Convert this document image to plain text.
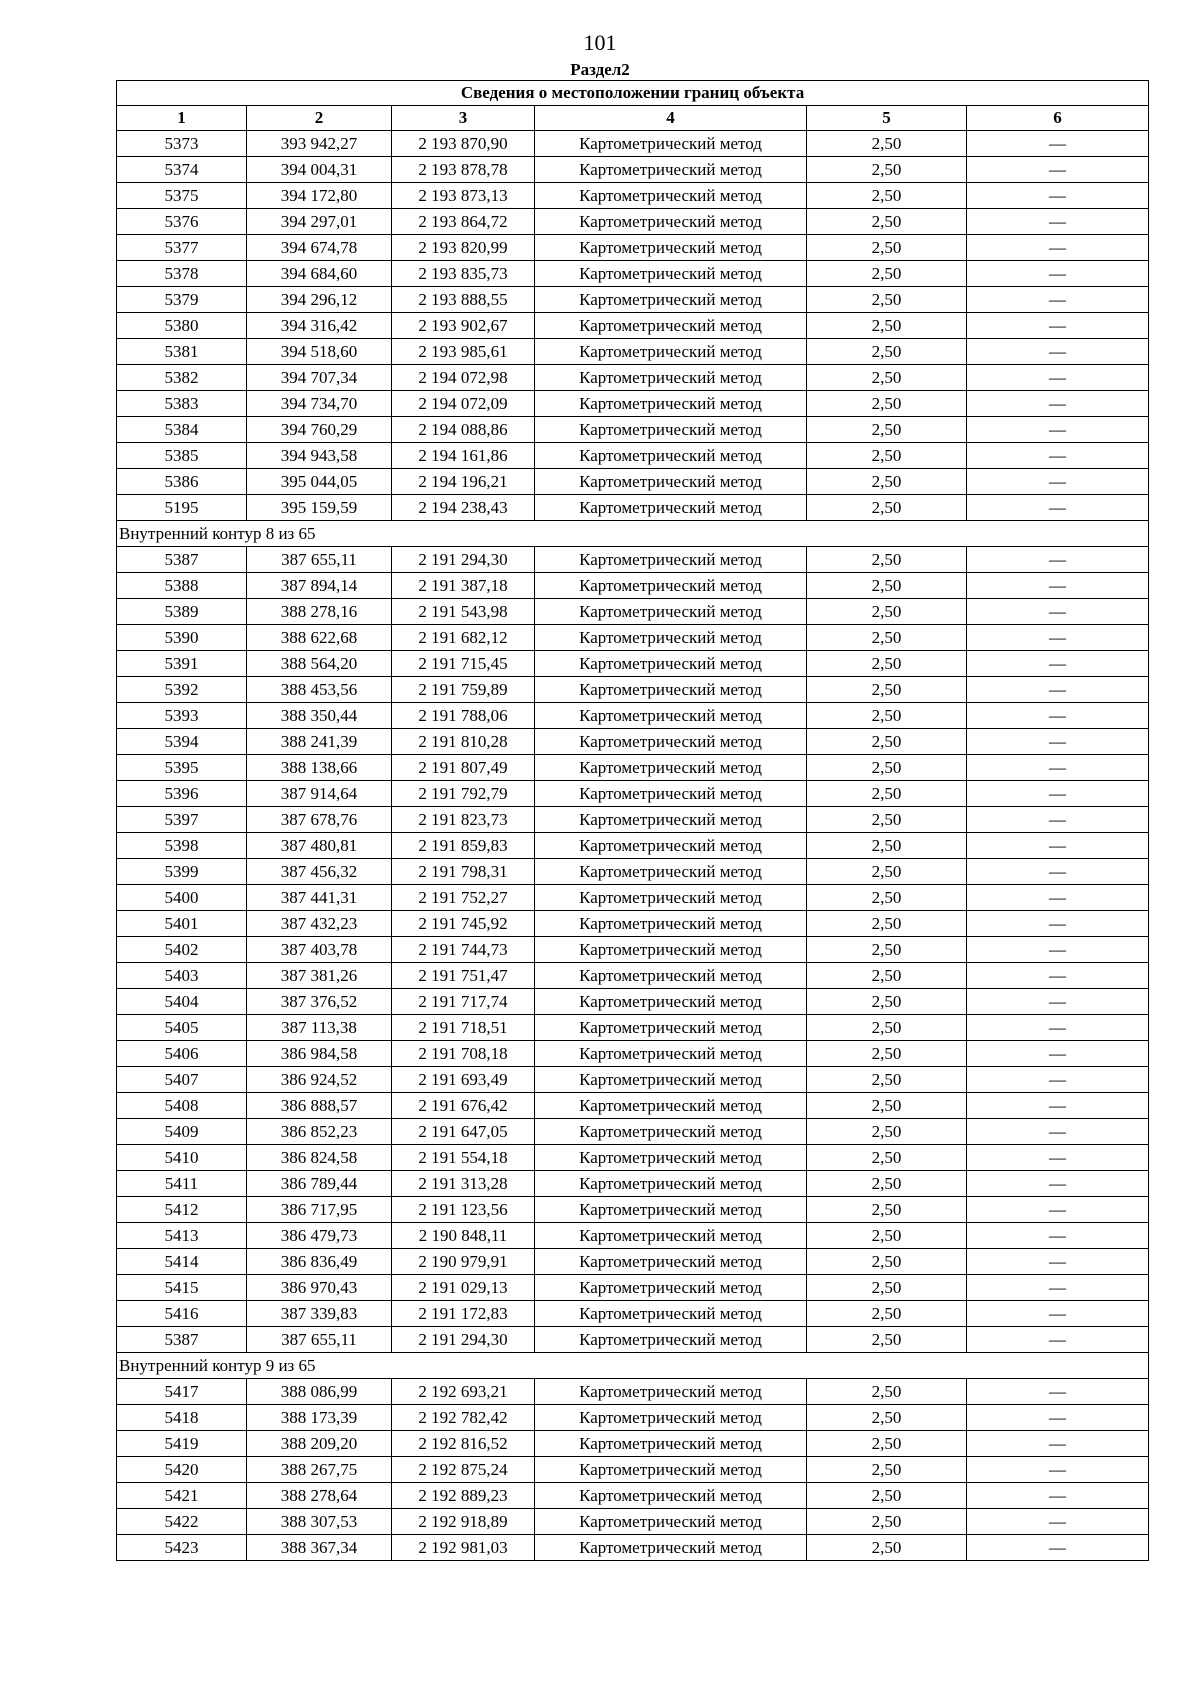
101
Раздел2
Сведения о местоположении границ объекта					
1	2	3	4	5	6
5373	393 942,27	2 193 870,90	Картометрический метод	2,50	—
5374	394 004,31	2 193 878,78	Картометрический метод	2,50	—
5375	394 172,80	2 193 873,13	Картометрический метод	2,50	—
5376	394 297,01	2 193 864,72	Картометрический метод	2,50	—
5377	394 674,78	2 193 820,99	Картометрический метод	2,50	—
5378	394 684,60	2 193 835,73	Картометрический метод	2,50	—
5379	394 296,12	2 193 888,55	Картометрический метод	2,50	—
5380	394 316,42	2 193 902,67	Картометрический метод	2,50	—
5381	394 518,60	2 193 985,61	Картометрический метод	2,50	—
5382	394 707,34	2 194 072,98	Картометрический метод	2,50	—
5383	394 734,70	2 194 072,09	Картометрический метод	2,50	—
5384	394 760,29	2 194 088,86	Картометрический метод	2,50	—
5385	394 943,58	2 194 161,86	Картометрический метод	2,50	—
5386	395 044,05	2 194 196,21	Картометрический метод	2,50	—
5195	395 159,59	2 194 238,43	Картометрический метод	2,50	—
Внутренний контур 8 из 65					
5387	387 655,11	2 191 294,30	Картометрический метод	2,50	—
5388	387 894,14	2 191 387,18	Картометрический метод	2,50	—
5389	388 278,16	2 191 543,98	Картометрический метод	2,50	—
5390	388 622,68	2 191 682,12	Картометрический метод	2,50	—
5391	388 564,20	2 191 715,45	Картометрический метод	2,50	—
5392	388 453,56	2 191 759,89	Картометрический метод	2,50	—
5393	388 350,44	2 191 788,06	Картометрический метод	2,50	—
5394	388 241,39	2 191 810,28	Картометрический метод	2,50	—
5395	388 138,66	2 191 807,49	Картометрический метод	2,50	—
5396	387 914,64	2 191 792,79	Картометрический метод	2,50	—
5397	387 678,76	2 191 823,73	Картометрический метод	2,50	—
5398	387 480,81	2 191 859,83	Картометрический метод	2,50	—
5399	387 456,32	2 191 798,31	Картометрический метод	2,50	—
5400	387 441,31	2 191 752,27	Картометрический метод	2,50	—
5401	387 432,23	2 191 745,92	Картометрический метод	2,50	—
5402	387 403,78	2 191 744,73	Картометрический метод	2,50	—
5403	387 381,26	2 191 751,47	Картометрический метод	2,50	—
5404	387 376,52	2 191 717,74	Картометрический метод	2,50	—
5405	387 113,38	2 191 718,51	Картометрический метод	2,50	—
5406	386 984,58	2 191 708,18	Картометрический метод	2,50	—
5407	386 924,52	2 191 693,49	Картометрический метод	2,50	—
5408	386 888,57	2 191 676,42	Картометрический метод	2,50	—
5409	386 852,23	2 191 647,05	Картометрический метод	2,50	—
5410	386 824,58	2 191 554,18	Картометрический метод	2,50	—
5411	386 789,44	2 191 313,28	Картометрический метод	2,50	—
5412	386 717,95	2 191 123,56	Картометрический метод	2,50	—
5413	386 479,73	2 190 848,11	Картометрический метод	2,50	—
5414	386 836,49	2 190 979,91	Картометрический метод	2,50	—
5415	386 970,43	2 191 029,13	Картометрический метод	2,50	—
5416	387 339,83	2 191 172,83	Картометрический метод	2,50	—
5387	387 655,11	2 191 294,30	Картометрический метод	2,50	—
Внутренний контур 9 из 65					
5417	388 086,99	2 192 693,21	Картометрический метод	2,50	—
5418	388 173,39	2 192 782,42	Картометрический метод	2,50	—
5419	388 209,20	2 192 816,52	Картометрический метод	2,50	—
5420	388 267,75	2 192 875,24	Картометрический метод	2,50	—
5421	388 278,64	2 192 889,23	Картометрический метод	2,50	—
5422	388 307,53	2 192 918,89	Картометрический метод	2,50	—
5423	388 367,34	2 192 981,03	Картометрический метод	2,50	—
